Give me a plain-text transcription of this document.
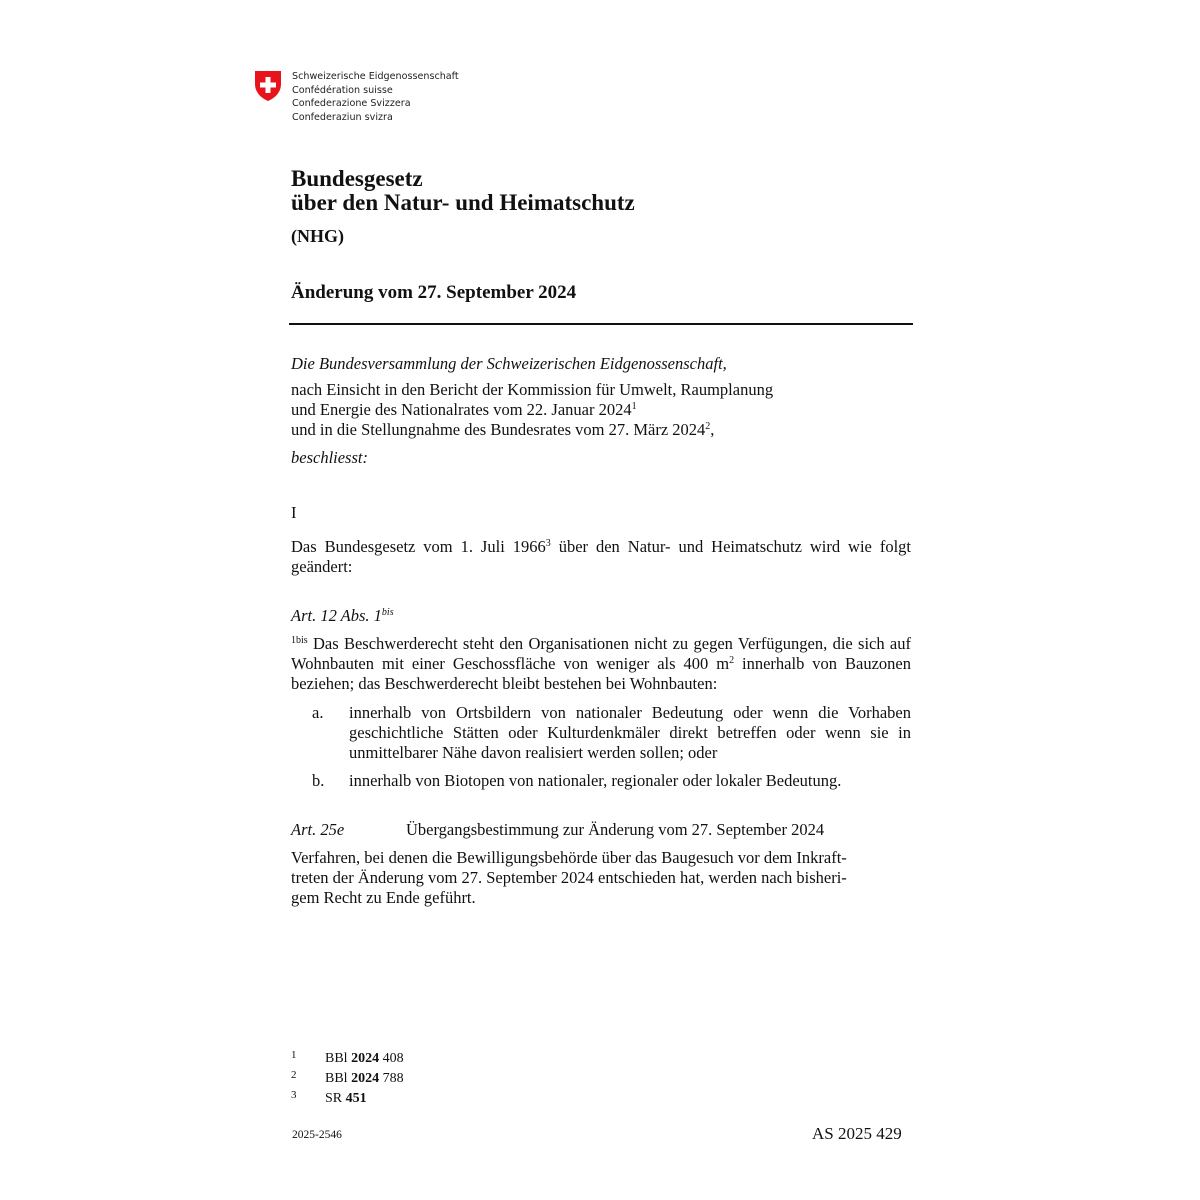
Schweizerische Eidgenossenschaft
Confédération suisse
Confederazione Svizzera
Confederaziun svizra
Bundesgesetz
über den Natur- und Heimatschutz
(NHG)
Änderung vom 27. September 2024
Die Bundesversammlung der Schweizerischen Eidgenossenschaft,
nach Einsicht in den Bericht der Kommission für Umwelt, Raumplanung
und Energie des Nationalrates vom 22. Januar 2024$^1$
und in die Stellungnahme des Bundesrates vom 27. März 2024$^2$,
beschliesst:
I
Das Bundesgesetz vom 1. Juli 1966$^3$ über den Natur- und Heimatschutz wird wie folgt geändert:
Art. 12 Abs. $1^{bis}$
$^{1bis}$ Das Beschwerderecht steht den Organisationen nicht zu gegen Verfügungen, die sich auf Wohnbauten mit einer Geschossfläche von weniger als 400 $m^2$ innerhalb von Bauzonen beziehen; das Beschwerderecht bleibt bestehen bei Wohnbauten:
a. innerhalb von Ortsbildern von nationaler Bedeutung oder wenn die Vorhaben geschichtliche Stätten oder Kulturdenkmäler direkt betreffen oder wenn sie in unmittelbarer Nähe davon realisiert werden sollen; oder
b. innerhalb von Biotopen von nationaler, regionaler oder lokaler Bedeutung.
Art. 25e	Übergangsbestimmung zur Änderung vom 27. September 2024
Verfahren, bei denen die Bewilligungsbehörde über das Baugesuch vor dem Inkraft-
treten der Änderung vom 27. September 2024 entschieden hat, werden nach bisheri-
gem Recht zu Ende geführt.
1 BBl 2024 408
2 BBl 2024 788
3 SR 451
2025-2546	AS 2025 429
